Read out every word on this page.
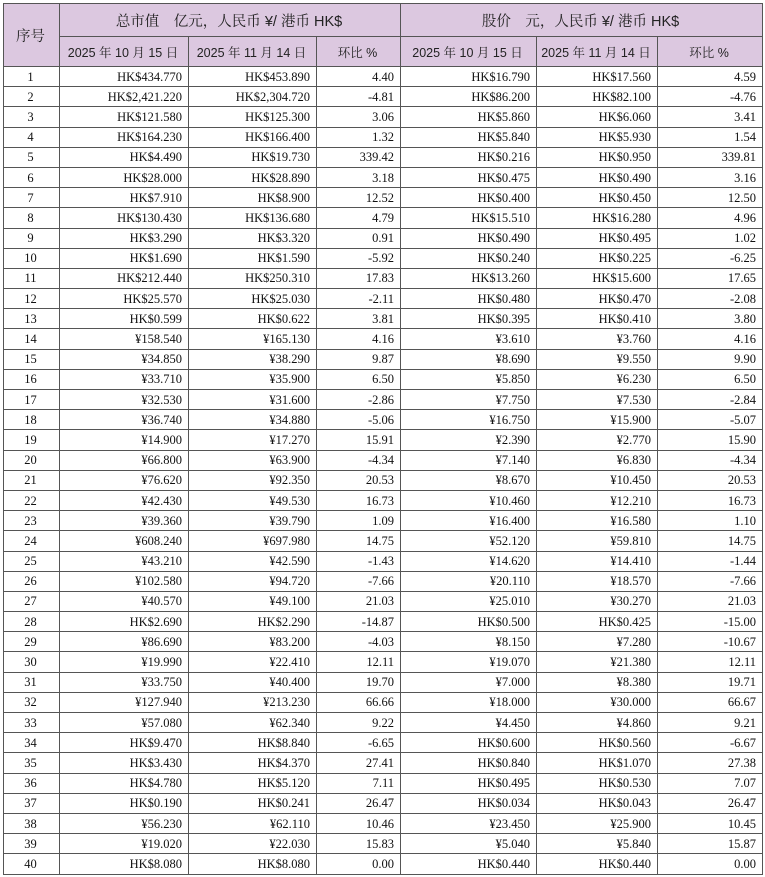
序号	总市值　亿元，人民币 ¥/ 港币 HK$			股价　元，人民币 ¥/ 港币 HK$		
	2025 年 10 月 15 日	2025 年 11 月 14 日	环比 %	2025 年 10 月 15 日	2025 年 11 月 14 日	环比 %
1	HK$434.770	HK$453.890	4.40	HK$16.790	HK$17.560	4.59
2	HK$2,421.220	HK$2,304.720	-4.81	HK$86.200	HK$82.100	-4.76
3	HK$121.580	HK$125.300	3.06	HK$5.860	HK$6.060	3.41
4	HK$164.230	HK$166.400	1.32	HK$5.840	HK$5.930	1.54
5	HK$4.490	HK$19.730	339.42	HK$0.216	HK$0.950	339.81
6	HK$28.000	HK$28.890	3.18	HK$0.475	HK$0.490	3.16
7	HK$7.910	HK$8.900	12.52	HK$0.400	HK$0.450	12.50
8	HK$130.430	HK$136.680	4.79	HK$15.510	HK$16.280	4.96
9	HK$3.290	HK$3.320	0.91	HK$0.490	HK$0.495	1.02
10	HK$1.690	HK$1.590	-5.92	HK$0.240	HK$0.225	-6.25
11	HK$212.440	HK$250.310	17.83	HK$13.260	HK$15.600	17.65
12	HK$25.570	HK$25.030	-2.11	HK$0.480	HK$0.470	-2.08
13	HK$0.599	HK$0.622	3.81	HK$0.395	HK$0.410	3.80
14	¥158.540	¥165.130	4.16	¥3.610	¥3.760	4.16
15	¥34.850	¥38.290	9.87	¥8.690	¥9.550	9.90
16	¥33.710	¥35.900	6.50	¥5.850	¥6.230	6.50
17	¥32.530	¥31.600	-2.86	¥7.750	¥7.530	-2.84
18	¥36.740	¥34.880	-5.06	¥16.750	¥15.900	-5.07
19	¥14.900	¥17.270	15.91	¥2.390	¥2.770	15.90
20	¥66.800	¥63.900	-4.34	¥7.140	¥6.830	-4.34
21	¥76.620	¥92.350	20.53	¥8.670	¥10.450	20.53
22	¥42.430	¥49.530	16.73	¥10.460	¥12.210	16.73
23	¥39.360	¥39.790	1.09	¥16.400	¥16.580	1.10
24	¥608.240	¥697.980	14.75	¥52.120	¥59.810	14.75
25	¥43.210	¥42.590	-1.43	¥14.620	¥14.410	-1.44
26	¥102.580	¥94.720	-7.66	¥20.110	¥18.570	-7.66
27	¥40.570	¥49.100	21.03	¥25.010	¥30.270	21.03
28	HK$2.690	HK$2.290	-14.87	HK$0.500	HK$0.425	-15.00
29	¥86.690	¥83.200	-4.03	¥8.150	¥7.280	-10.67
30	¥19.990	¥22.410	12.11	¥19.070	¥21.380	12.11
31	¥33.750	¥40.400	19.70	¥7.000	¥8.380	19.71
32	¥127.940	¥213.230	66.66	¥18.000	¥30.000	66.67
33	¥57.080	¥62.340	9.22	¥4.450	¥4.860	9.21
34	HK$9.470	HK$8.840	-6.65	HK$0.600	HK$0.560	-6.67
35	HK$3.430	HK$4.370	27.41	HK$0.840	HK$1.070	27.38
36	HK$4.780	HK$5.120	7.11	HK$0.495	HK$0.530	7.07
37	HK$0.190	HK$0.241	26.47	HK$0.034	HK$0.043	26.47
38	¥56.230	¥62.110	10.46	¥23.450	¥25.900	10.45
39	¥19.020	¥22.030	15.83	¥5.040	¥5.840	15.87
40	HK$8.080	HK$8.080	0.00	HK$0.440	HK$0.440	0.00
